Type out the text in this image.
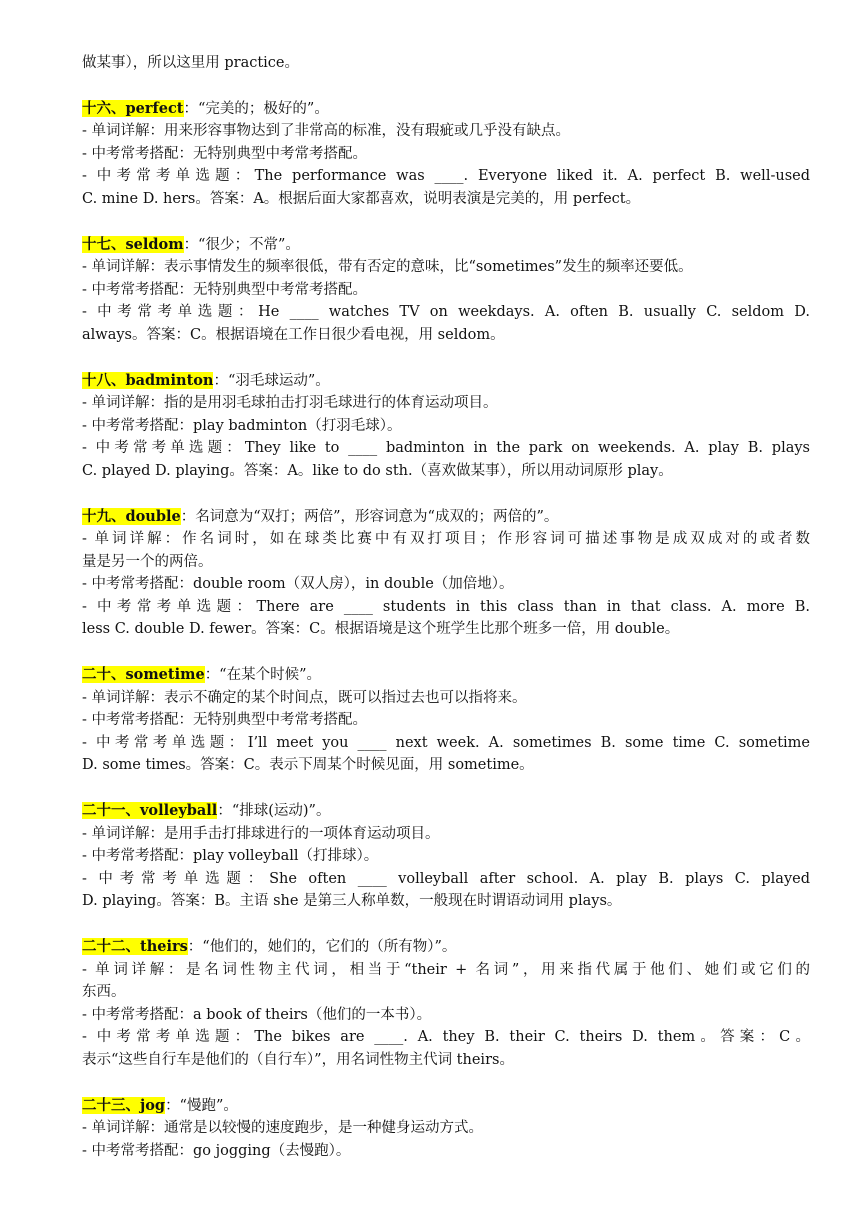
做某事），所以这里用 practice。
十六、perfect：“完美的；极好的”。
- 单词详解：用来形容事物达到了非常高的标准，没有瑕疵或几乎没有缺点。
- 中考常考搭配：无特别典型中考常考搭配。
- 中考常考单选题：The performance was ____. Everyone liked it. A. perfect B. well-used
C. mine D. hers。答案：A。根据后面大家都喜欢，说明表演是完美的，用 perfect。
十七、seldom：“很少；不常”。
- 单词详解：表示事情发生的频率很低，带有否定的意味，比“sometimes”发生的频率还要低。
- 中考常考搭配：无特别典型中考常考搭配。
- 中考常考单选题：He ____ watches TV on weekdays. A. often B. usually C. seldom D.
always。答案：C。根据语境在工作日很少看电视，用 seldom。
十八、badminton：“羽毛球运动”。
- 单词详解：指的是用羽毛球拍击打羽毛球进行的体育运动项目。
- 中考常考搭配：play badminton（打羽毛球）。
- 中考常考单选题：They like to ____ badminton in the park on weekends. A. play B. plays
C. played D. playing。答案：A。like to do sth.（喜欢做某事），所以用动词原形 play。
十九、double：名词意为“双打；两倍”，形容词意为“成双的；两倍的”。
- 单词详解：作名词时，如在球类比赛中有双打项目；作形容词可描述事物是成双成对的或者数
量是另一个的两倍。
- 中考常考搭配：double room（双人房），in double（加倍地）。
- 中考常考单选题：There are ____ students in this class than in that class. A. more B.
less C. double D. fewer。答案：C。根据语境是这个班学生比那个班多一倍，用 double。
二十、sometime：“在某个时候”。
- 单词详解：表示不确定的某个时间点，既可以指过去也可以指将来。
- 中考常考搭配：无特别典型中考常考搭配。
- 中考常考单选题：I’ll meet you ____ next week. A. sometimes B. some time C. sometime
D. some times。答案：C。表示下周某个时候见面，用 sometime。
二十一、volleyball：“排球(运动)”。
- 单词详解：是用手击打排球进行的一项体育运动项目。
- 中考常考搭配：play volleyball（打排球）。
- 中考常考单选题：She often ____ volleyball after school. A. play B. plays C. played
D. playing。答案：B。主语 she 是第三人称单数，一般现在时谓语动词用 plays。
二十二、theirs：“他们的，她们的，它们的（所有物）”。
- 单词详解：是名词性物主代词，相当于“their + 名词”，用来指代属于他们、她们或它们的
东西。
- 中考常考搭配：a book of theirs（他们的一本书）。
- 中考常考单选题：The bikes are ____. A. they B. their C. theirs D. them。答案：C。
表示“这些自行车是他们的（自行车）”，用名词性物主代词 theirs。
二十三、jog：“慢跑”。
- 单词详解：通常是以较慢的速度跑步，是一种健身运动方式。
- 中考常考搭配：go jogging（去慢跑）。
